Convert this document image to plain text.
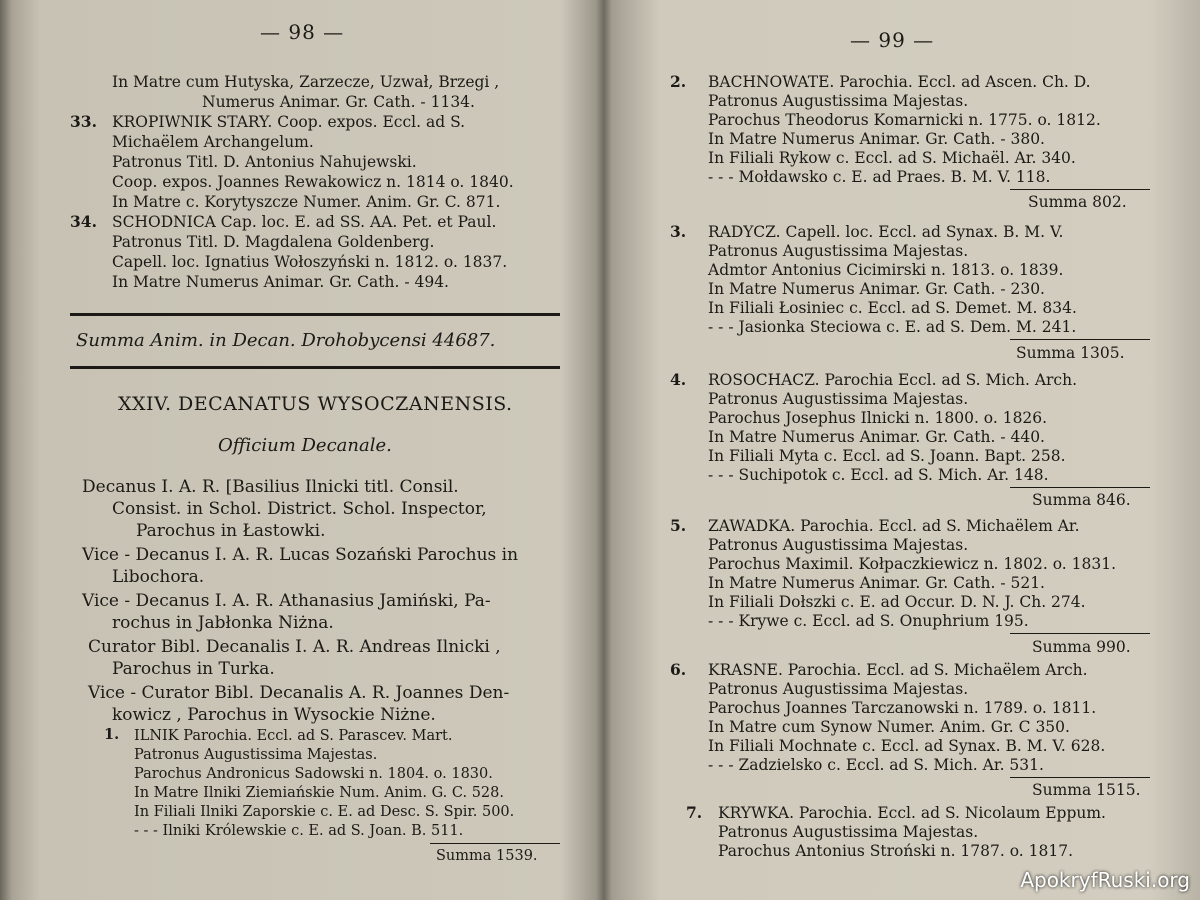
— 98 —
In Matre cum Hutyska, Zarzecze, Uzwał, Brzegi ,
Numerus Animar. Gr. Cath. - 1134.
33. KROPIWNIK STARY. Coop. expos. Eccl. ad S.
Michaëlem Archangelum.
Patronus Titl. D. Antonius Nahujewski.
Coop. expos. Joannes Rewakowicz n. 1814 o. 1840.
In Matre c. Korytyszcze Numer. Anim. Gr. C. 871.
34. SCHODNICA Cap. loc. E. ad SS. AA. Pet. et Paul.
Patronus Titl. D. Magdalena Goldenberg.
Capell. loc. Ignatius Wołoszyński n. 1812. o. 1837.
In Matre Numerus Animar. Gr. Cath. - 494.
Summa Anim. in Decan. Drohobycensi 44687.
XXIV. DECANATUS WYSOCZANENSIS.
Officium Decanale.
Decanus I. A. R. [Basilius Ilnicki titl. Consil.
Consist. in Schol. District. Schol. Inspector,
Parochus in Łastowki.
Vice - Decanus I. A. R. Lucas Sozański Parochus in
Libochora.
Vice - Decanus I. A. R. Athanasius Jamiński, Pa-
rochus in Jabłonka Niżna.
Curator Bibl. Decanalis I. A. R. Andreas Ilnicki ,
Parochus in Turka.
Vice - Curator Bibl. Decanalis A. R. Joannes Den-
kowicz , Parochus in Wysockie Niżne.
1. ILNIK Parochia. Eccl. ad S. Parascev. Mart.
Patronus Augustissima Majestas.
Parochus Andronicus Sadowski n. 1804. o. 1830.
In Matre Ilniki Ziemiańskie Num. Anim. G. C. 528.
In Filiali Ilniki Zaporskie c. E. ad Desc. S. Spir. 500.
- - - Ilniki Królewskie c. E. ad S. Joan. B. 511.
Summa 1539.
— 99 —
2. BACHNOWATE. Parochia. Eccl. ad Ascen. Ch. D.
Patronus Augustissima Majestas.
Parochus Theodorus Komarnicki n. 1775. o. 1812.
In Matre Numerus Animar. Gr. Cath. - 380.
In Filiali Rykow c. Eccl. ad S. Michaël. Ar. 340.
- - - Mołdawsko c. E. ad Praes. B. M. V. 118.
Summa 802.
3. RADYCZ. Capell. loc. Eccl. ad Synax. B. M. V.
Patronus Augustissima Majestas.
Admtor Antonius Cicimirski n. 1813. o. 1839.
In Matre Numerus Animar. Gr. Cath. - 230.
In Filiali Łosiniec c. Eccl. ad S. Demet. M. 834.
- - - Jasionka Steciowa c. E. ad S. Dem. M. 241.
Summa 1305.
4. ROSOCHACZ. Parochia Eccl. ad S. Mich. Arch.
Patronus Augustissima Majestas.
Parochus Josephus Ilnicki n. 1800. o. 1826.
In Matre Numerus Animar. Gr. Cath. - 440.
In Filiali Myta c. Eccl. ad S. Joann. Bapt. 258.
- - - Suchipotok c. Eccl. ad S. Mich. Ar. 148.
Summa 846.
5. ZAWADKA. Parochia. Eccl. ad S. Michaëlem Ar.
Patronus Augustissima Majestas.
Parochus Maximil. Kołpaczkiewicz n. 1802. o. 1831.
In Matre Numerus Animar. Gr. Cath. - 521.
In Filiali Dołszki c. E. ad Occur. D. N. J. Ch. 274.
- - - Krywe c. Eccl. ad S. Onuphrium 195.
Summa 990.
6. KRASNE. Parochia. Eccl. ad S. Michaëlem Arch.
Patronus Augustissima Majestas.
Parochus Joannes Tarczanowski n. 1789. o. 1811.
In Matre cum Synow Numer. Anim. Gr. C 350.
In Filiali Mochnate c. Eccl. ad Synax. B. M. V. 628.
- - - Zadzielsko c. Eccl. ad S. Mich. Ar. 531.
Summa 1515.
7. KRYWKA. Parochia. Eccl. ad S. Nicolaum Eppum.
Patronus Augustissima Majestas.
Parochus Antonius Stroński n. 1787. o. 1817.
ApokryfRuski.org
